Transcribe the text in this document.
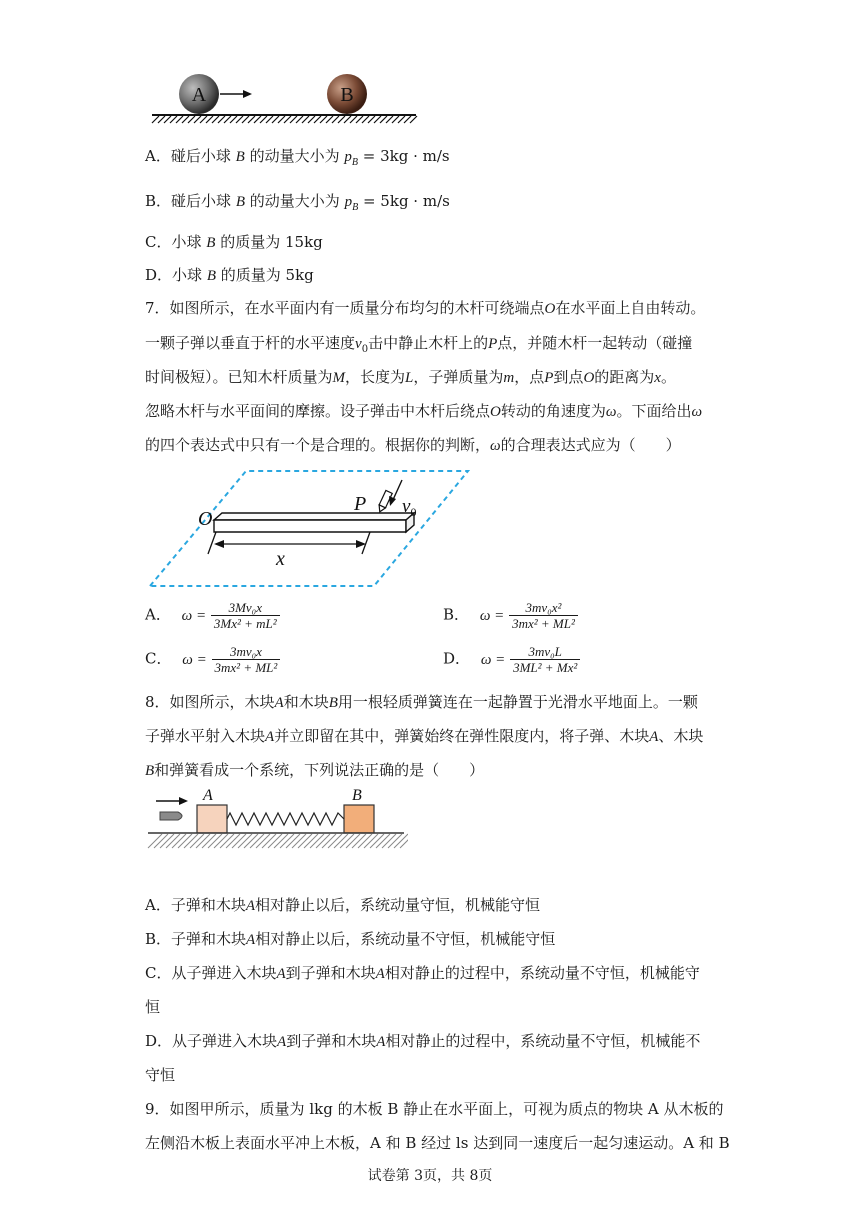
A	B
A．碰后小球 B 的动量大小为 $p_B = 3kg \cdot m/s$
B．碰后小球 B 的动量大小为 $p_B = 5kg \cdot m/s$
C．小球 B 的质量为 15kg
D．小球 B 的质量为 5kg
7．如图所示，在水平面内有一质量分布均匀的木杆可绕端点O在水平面上自由转动。
一颗子弹以垂直于杆的水平速度$v_0$击中静止木杆上的P点，并随木杆一起转动（碰撞
时间极短）。已知木杆质量为M，长度为L，子弹质量为m，点P到点O的距离为x。
忽略木杆与水平面间的摩擦。设子弹击中木杆后绕点O转动的角速度为ω。下面给出ω
的四个表达式中只有一个是合理的。根据你的判断，ω的合理表达式应为（　　）
O
P $v_0$
x
A． $\omega = \frac{\text{3Mv₀x}}{\text{3Mx² + mL²}}$	B． $\omega = \frac{\text{3mv₀x²}}{\text{3mx² + ML²}}$
C． $\omega = \frac{\text{3mv₀x}}{\text{3mx² + ML²}}$	D． $\omega = \frac{\text{3mv₀L}}{\text{3ML² + Mx²}}$
8．如图所示，木块A和木块B用一根轻质弹簧连在一起静置于光滑水平地面上。一颗
子弹水平射入木块A并立即留在其中，弹簧始终在弹性限度内，将子弹、木块A、木块
B和弹簧看成一个系统，下列说法正确的是（　　）
A	B
A．子弹和木块A相对静止以后，系统动量守恒，机械能守恒
B．子弹和木块A相对静止以后，系统动量不守恒，机械能守恒
C．从子弹进入木块A到子弹和木块A相对静止的过程中，系统动量不守恒，机械能守
恒
D．从子弹进入木块A到子弹和木块A相对静止的过程中，系统动量不守恒，机械能不
守恒
9．如图甲所示，质量为 lkg 的木板 B 静止在水平面上，可视为质点的物块 A 从木板的
左侧沿木板上表面水平冲上木板，A 和 B 经过 ls 达到同一速度后一起匀速运动。A 和 B
试卷第 3页，共 8页
